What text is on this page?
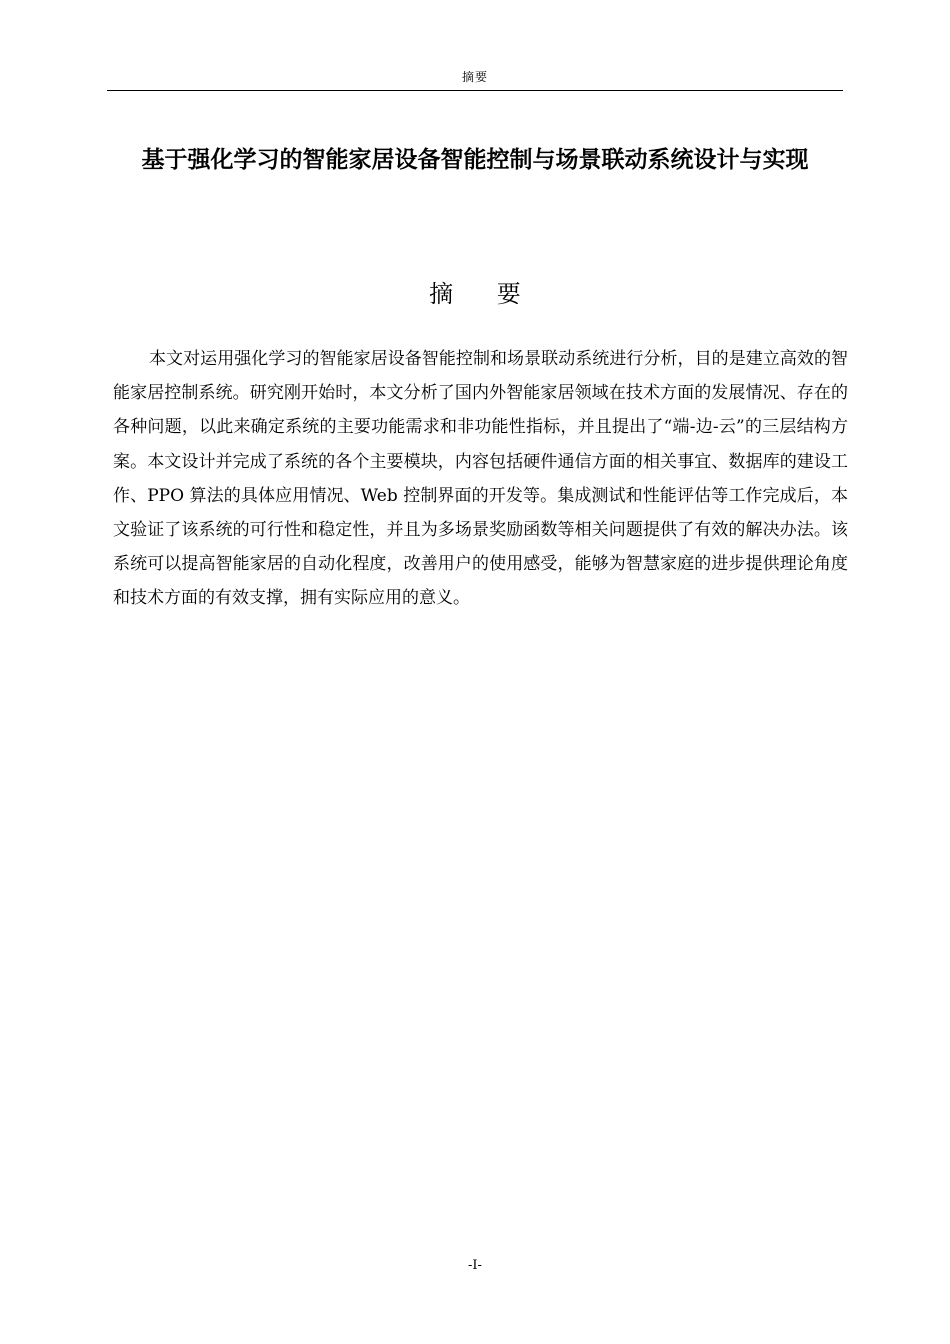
摘要
基于强化学习的智能家居设备智能控制与场景联动系统设计与实现
摘 要

本文对运用强化学习的智能家居设备智能控制和场景联动系统进行分析，目的是建立高效的智能家居控制系统。研究刚开始时，本文分析了国内外智能家居领域在技术方面的发展情况、存在的各种问题，以此来确定系统的主要功能需求和非功能性指标，并且提出了“端-边-云”的三层结构方案。本文设计并完成了系统的各个主要模块，内容包括硬件通信方面的相关事宜、数据库的建设工作、PPO 算法的具体应用情况、Web 控制界面的开发等。集成测试和性能评估等工作完成后，本文验证了该系统的可行性和稳定性，并且为多场景奖励函数等相关问题提供了有效的解决办法。该系统可以提高智能家居的自动化程度，改善用户的使用感受，能够为智慧家庭的进步提供理论角度和技术方面的有效支撑，拥有实际应用的意义。

-I-
